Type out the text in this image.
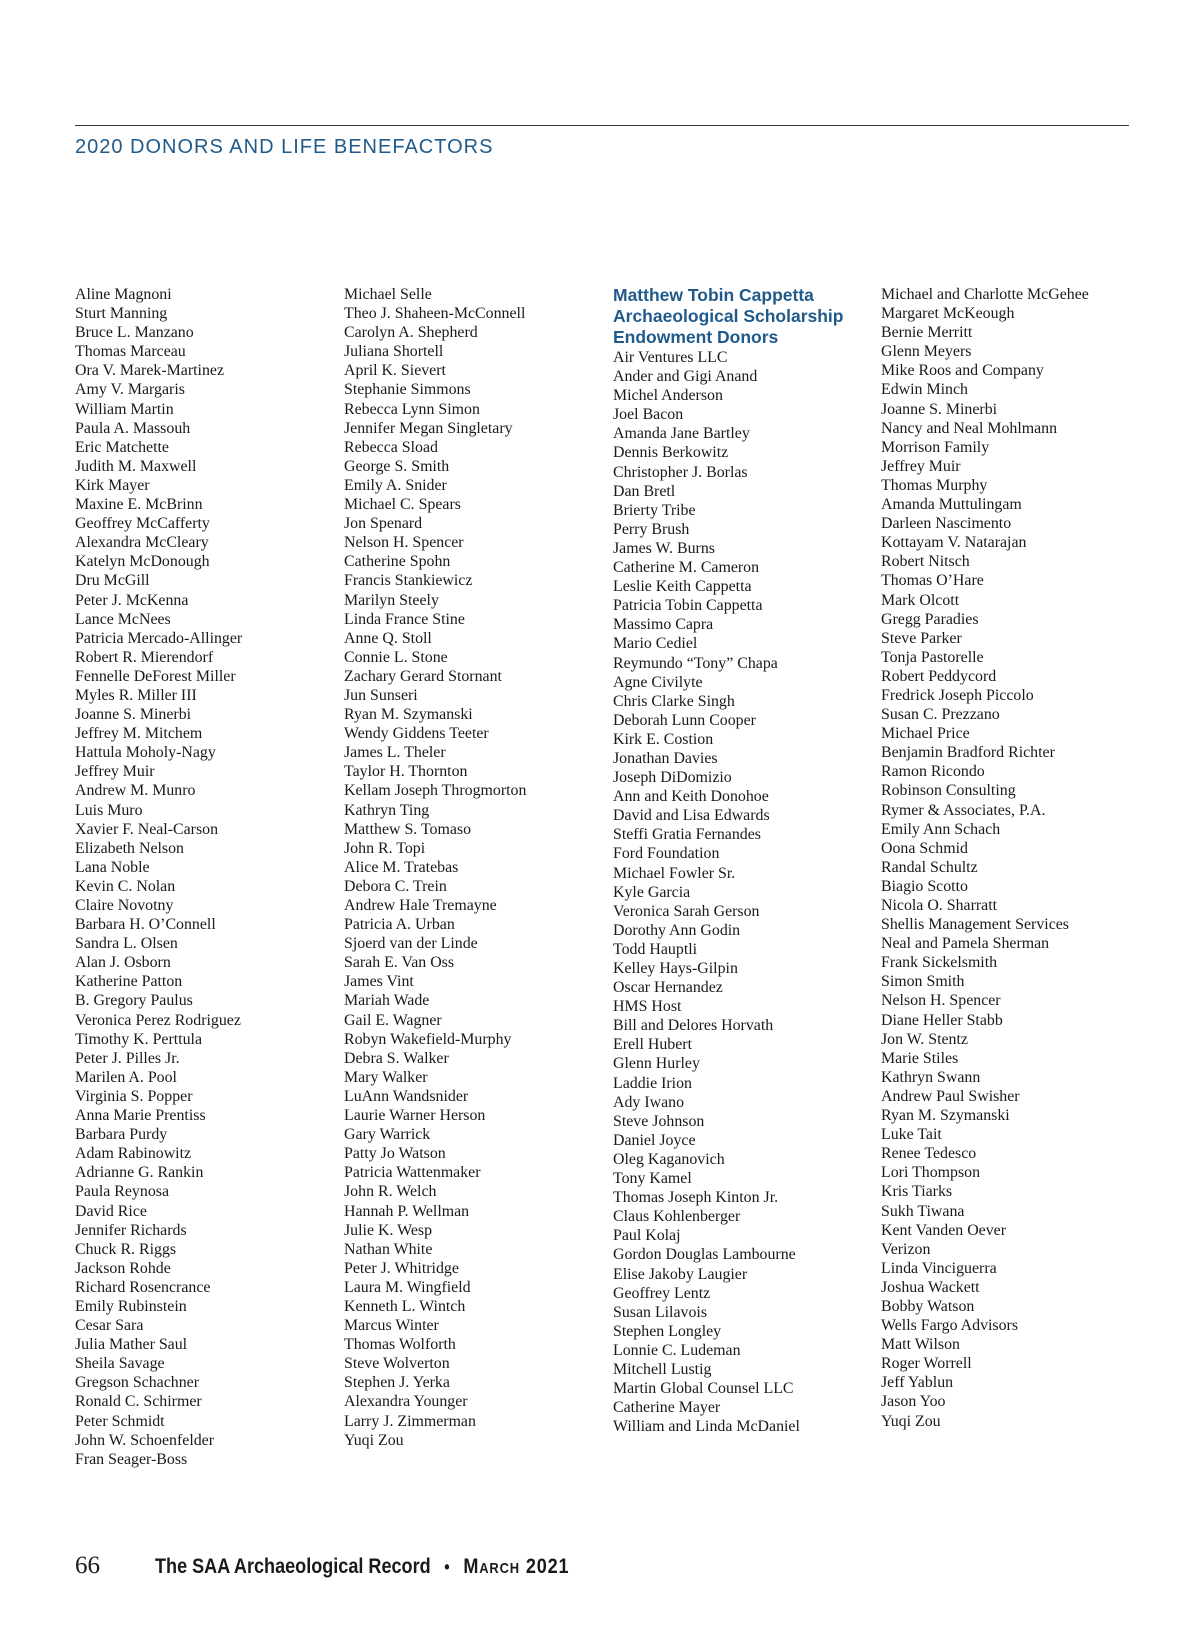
2020 DONORS AND LIFE BENEFACTORS
Aline Magnoni
Sturt Manning
Bruce L. Manzano
Thomas Marceau
Ora V. Marek-Martinez
Amy V. Margaris
William Martin
Paula A. Massouh
Eric Matchette
Judith M. Maxwell
Kirk Mayer
Maxine E. McBrinn
Geoffrey McCafferty
Alexandra McCleary
Katelyn McDonough
Dru McGill
Peter J. McKenna
Lance McNees
Patricia Mercado-Allinger
Robert R. Mierendorf
Fennelle DeForest Miller
Myles R. Miller III
Joanne S. Minerbi
Jeffrey M. Mitchem
Hattula Moholy-Nagy
Jeffrey Muir
Andrew M. Munro
Luis Muro
Xavier F. Neal-Carson
Elizabeth Nelson
Lana Noble
Kevin C. Nolan
Claire Novotny
Barbara H. O’Connell
Sandra L. Olsen
Alan J. Osborn
Katherine Patton
B. Gregory Paulus
Veronica Perez Rodriguez
Timothy K. Perttula
Peter J. Pilles Jr.
Marilen A. Pool
Virginia S. Popper
Anna Marie Prentiss
Barbara Purdy
Adam Rabinowitz
Adrianne G. Rankin
Paula Reynosa
David Rice
Jennifer Richards
Chuck R. Riggs
Jackson Rohde
Richard Rosencrance
Emily Rubinstein
Cesar Sara
Julia Mather Saul
Sheila Savage
Gregson Schachner
Ronald C. Schirmer
Peter Schmidt
John W. Schoenfelder
Fran Seager-Boss
Michael Selle
Theo J. Shaheen-McConnell
Carolyn A. Shepherd
Juliana Shortell
April K. Sievert
Stephanie Simmons
Rebecca Lynn Simon
Jennifer Megan Singletary
Rebecca Sload
George S. Smith
Emily A. Snider
Michael C. Spears
Jon Spenard
Nelson H. Spencer
Catherine Spohn
Francis Stankiewicz
Marilyn Steely
Linda France Stine
Anne Q. Stoll
Connie L. Stone
Zachary Gerard Stornant
Jun Sunseri
Ryan M. Szymanski
Wendy Giddens Teeter
James L. Theler
Taylor H. Thornton
Kellam Joseph Throgmorton
Kathryn Ting
Matthew S. Tomaso
John R. Topi
Alice M. Tratebas
Debora C. Trein
Andrew Hale Tremayne
Patricia A. Urban
Sjoerd van der Linde
Sarah E. Van Oss
James Vint
Mariah Wade
Gail E. Wagner
Robyn Wakefield-Murphy
Debra S. Walker
Mary Walker
LuAnn Wandsnider
Laurie Warner Herson
Gary Warrick
Patty Jo Watson
Patricia Wattenmaker
John R. Welch
Hannah P. Wellman
Julie K. Wesp
Nathan White
Peter J. Whitridge
Laura M. Wingfield
Kenneth L. Wintch
Marcus Winter
Thomas Wolforth
Steve Wolverton
Stephen J. Yerka
Alexandra Younger
Larry J. Zimmerman
Yuqi Zou
Matthew Tobin Cappetta
Archaeological Scholarship
Endowment Donors
Air Ventures LLC
Ander and Gigi Anand
Michel Anderson
Joel Bacon
Amanda Jane Bartley
Dennis Berkowitz
Christopher J. Borlas
Dan Bretl
Brierty Tribe
Perry Brush
James W. Burns
Catherine M. Cameron
Leslie Keith Cappetta
Patricia Tobin Cappetta
Massimo Capra
Mario Cediel
Reymundo “Tony” Chapa
Agne Civilyte
Chris Clarke Singh
Deborah Lunn Cooper
Kirk E. Costion
Jonathan Davies
Joseph DiDomizio
Ann and Keith Donohoe
David and Lisa Edwards
Steffi Gratia Fernandes
Ford Foundation
Michael Fowler Sr.
Kyle Garcia
Veronica Sarah Gerson
Dorothy Ann Godin
Todd Hauptli
Kelley Hays-Gilpin
Oscar Hernandez
HMS Host
Bill and Delores Horvath
Erell Hubert
Glenn Hurley
Laddie Irion
Ady Iwano
Steve Johnson
Daniel Joyce
Oleg Kaganovich
Tony Kamel
Thomas Joseph Kinton Jr.
Claus Kohlenberger
Paul Kolaj
Gordon Douglas Lambourne
Elise Jakoby Laugier
Geoffrey Lentz
Susan Lilavois
Stephen Longley
Lonnie C. Ludeman
Mitchell Lustig
Martin Global Counsel LLC
Catherine Mayer
William and Linda McDaniel
Michael and Charlotte McGehee
Margaret McKeough
Bernie Merritt
Glenn Meyers
Mike Roos and Company
Edwin Minch
Joanne S. Minerbi
Nancy and Neal Mohlmann
Morrison Family
Jeffrey Muir
Thomas Murphy
Amanda Muttulingam
Darleen Nascimento
Kottayam V. Natarajan
Robert Nitsch
Thomas O’Hare
Mark Olcott
Gregg Paradies
Steve Parker
Tonja Pastorelle
Robert Peddycord
Fredrick Joseph Piccolo
Susan C. Prezzano
Michael Price
Benjamin Bradford Richter
Ramon Ricondo
Robinson Consulting
Rymer & Associates, P.A.
Emily Ann Schach
Oona Schmid
Randal Schultz
Biagio Scotto
Nicola O. Sharratt
Shellis Management Services
Neal and Pamela Sherman
Frank Sickelsmith
Simon Smith
Nelson H. Spencer
Diane Heller Stabb
Jon W. Stentz
Marie Stiles
Kathryn Swann
Andrew Paul Swisher
Ryan M. Szymanski
Luke Tait
Renee Tedesco
Lori Thompson
Kris Tiarks
Sukh Tiwana
Kent Vanden Oever
Verizon
Linda Vinciguerra
Joshua Wackett
Bobby Watson
Wells Fargo Advisors
Matt Wilson
Roger Worrell
Jeff Yablun
Jason Yoo
Yuqi Zou
66	The SAA Archaeological Record • March 2021
